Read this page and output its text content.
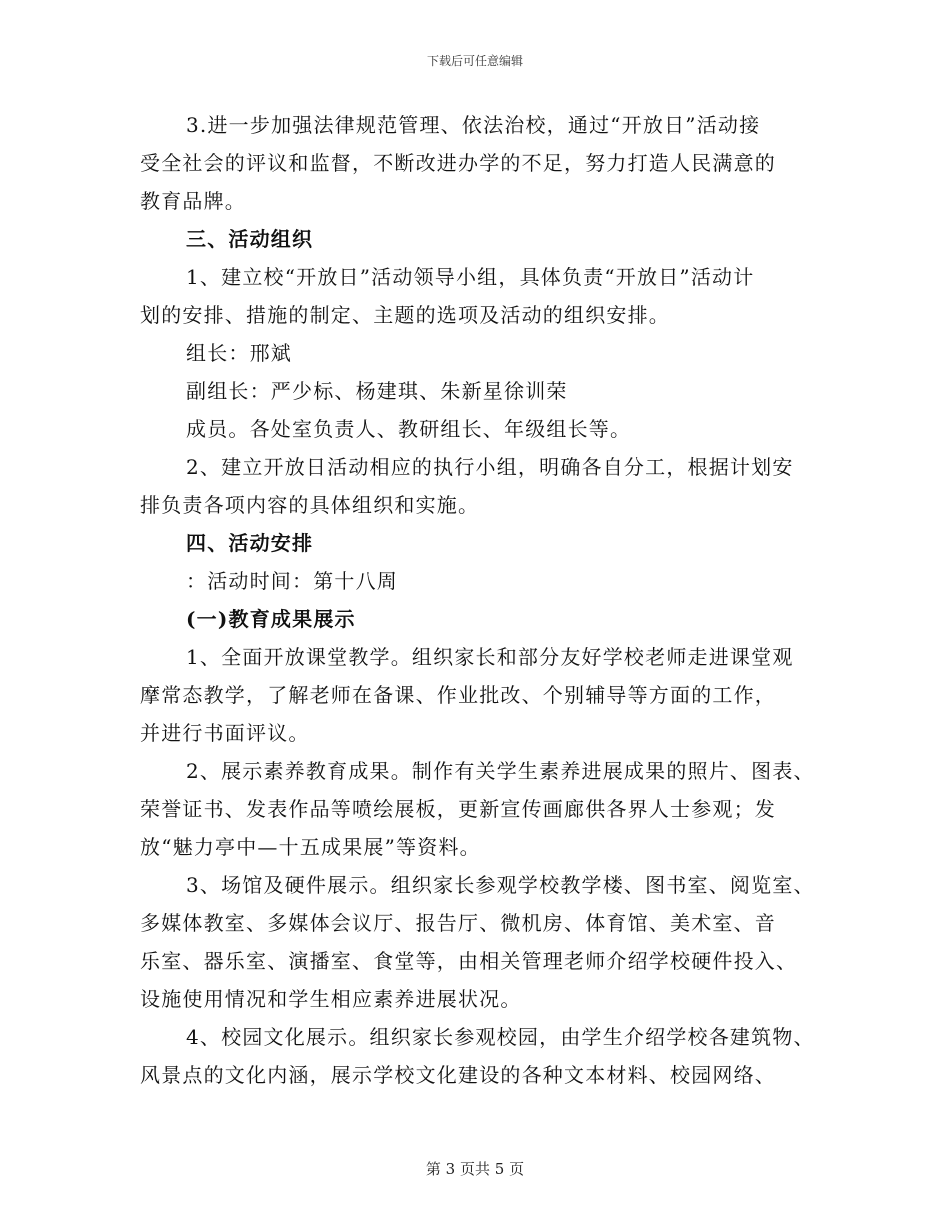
下载后可任意编辑
3.进一步加强法律规范管理、依法治校，通过“开放日”活动接
受全社会的评议和监督，不断改进办学的不足，努力打造人民满意的
教育品牌。
三、活动组织
1、建立校“开放日”活动领导小组，具体负责“开放日”活动计
划的安排、措施的制定、主题的选项及活动的组织安排。
组长：邢斌
副组长：严少标、杨建琪、朱新星徐训荣
成员。各处室负责人、教研组长、年级组长等。
2、建立开放日活动相应的执行小组，明确各自分工，根据计划安
排负责各项内容的具体组织和实施。
四、活动安排
：活动时间：第十八周
(一)教育成果展示
1、全面开放课堂教学。组织家长和部分友好学校老师走进课堂观
摩常态教学，了解老师在备课、作业批改、个别辅导等方面的工作，
并进行书面评议。
2、展示素养教育成果。制作有关学生素养进展成果的照片、图表、
荣誉证书、发表作品等喷绘展板，更新宣传画廊供各界人士参观；发
放“魅力亭中—十五成果展”等资料。
3、场馆及硬件展示。组织家长参观学校教学楼、图书室、阅览室、
多媒体教室、多媒体会议厅、报告厅、微机房、体育馆、美术室、音
乐室、器乐室、演播室、食堂等，由相关管理老师介绍学校硬件投入、
设施使用情况和学生相应素养进展状况。
4、校园文化展示。组织家长参观校园，由学生介绍学校各建筑物、
风景点的文化内涵，展示学校文化建设的各种文本材料、校园网络、
第 3 页共 5 页
